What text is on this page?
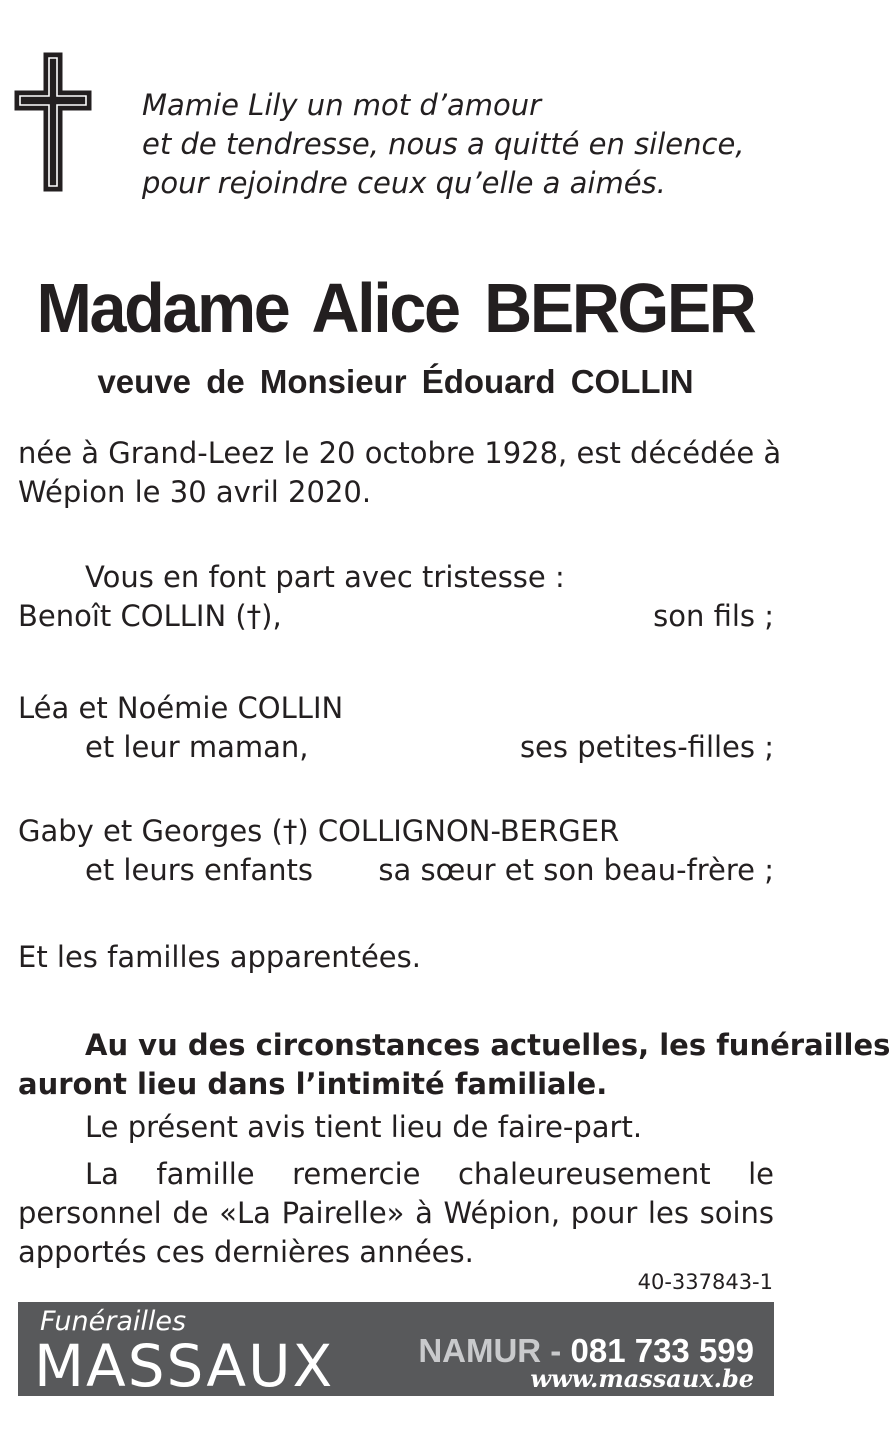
Mamie Lily un mot d’amour
et de tendresse, nous a quitté en silence,
pour rejoindre ceux qu’elle a aimés.
Madame Alice BERGER
veuve de Monsieur Édouard COLLIN
née à Grand-Leez le 20 octobre 1928, est décédée à
Wépion le 30 avril 2020.
Vous en font part avec tristesse :
Benoît COLLIN (†),	son fils ;
Léa et Noémie COLLIN
et leur maman,	ses petites-filles ;
Gaby et Georges (†) COLLIGNON-BERGER
et leurs enfants sa sœur et son beau-frère ;
Et les familles apparentées.
Au vu des circonstances actuelles, les funérailles
auront lieu dans l’intimité familiale.
Le présent avis tient lieu de faire-part.
La famille remercie chaleureusement le personnel de «La Pairelle» à Wépion, pour les soins apportés ces dernières années.
40-337843-1
Funérailles
MASSAUX	NAMUR - 081 733 599
www.massaux.be
